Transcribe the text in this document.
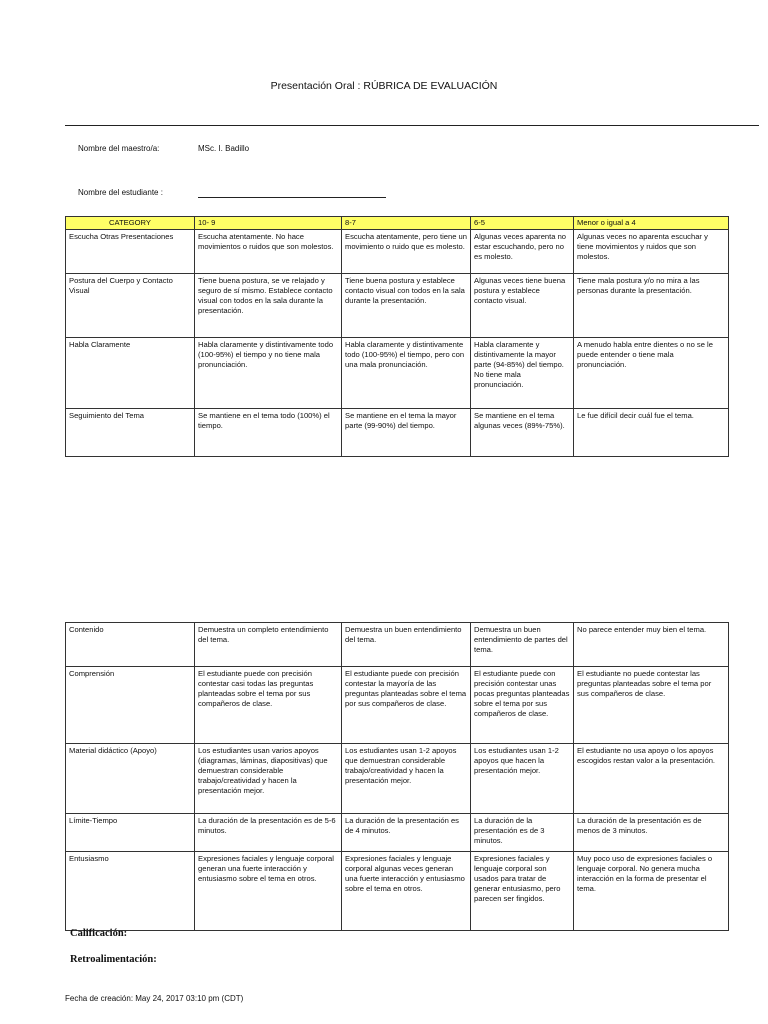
Presentación Oral : RÚBRICA DE EVALUACIÓN
Nombre del maestro/a:	MSc. I. Badillo
Nombre del estudiante :
CATEGORY	10- 9	8-7	6-5	Menor o igual a 4
Escucha Otras Presentaciones	Escucha atentamente. No hace movimientos o ruidos que son molestos.	Escucha atentamente, pero tiene un movimiento o ruido que es molesto.	Algunas veces aparenta no estar escuchando, pero no es molesto.	Algunas veces no aparenta escuchar y tiene movimientos y ruidos que son molestos.
Postura del Cuerpo y Contacto Visual	Tiene buena postura, se ve relajado y seguro de sí mismo. Establece contacto visual con todos en la sala durante la presentación.	Tiene buena postura y establece contacto visual con todos en la sala durante la presentación.	Algunas veces tiene buena postura y establece contacto visual.	Tiene mala postura y/o no mira a las personas durante la presentación.
Habla Claramente	Habla claramente y distintivamente todo (100-95%) el tiempo y no tiene mala pronunciación.	Habla claramente y distintivamente todo (100-95%) el tiempo, pero con una mala pronunciación.	Habla claramente y distintivamente la mayor parte (94-85%) del tiempo. No tiene mala pronunciación.	A menudo habla entre dientes o no se le puede entender o tiene mala pronunciación.
Seguimiento del Tema	Se mantiene en el tema todo (100%) el tiempo.	Se mantiene en el tema la mayor parte (99-90%) del tiempo.	Se mantiene en el tema algunas veces (89%-75%).	Le fue difícil decir cuál fue el tema.
Contenido	Demuestra un completo entendimiento del tema.	Demuestra un buen entendimiento del tema.	Demuestra un buen entendimiento de partes del tema.	No parece entender muy bien el tema.
Comprensión	El estudiante puede con precisión contestar casi todas las preguntas planteadas sobre el tema por sus compañeros de clase.	El estudiante puede con precisión contestar la mayoría de las preguntas planteadas sobre el tema por sus compañeros de clase.	El estudiante puede con precisión contestar unas pocas preguntas planteadas sobre el tema por sus compañeros de clase.	El estudiante no puede contestar las preguntas planteadas sobre el tema por sus compañeros de clase.
Material didáctico (Apoyo)	Los estudiantes usan varios apoyos (diagramas, láminas, diapositivas) que demuestran considerable trabajo/creatividad y hacen la presentación mejor.	Los estudiantes usan 1-2 apoyos que demuestran considerable trabajo/creatividad y hacen la presentación mejor.	Los estudiantes usan 1-2 apoyos que hacen la presentación mejor.	El estudiante no usa apoyo o los apoyos escogidos restan valor a la presentación.
Límite-Tiempo	La duración de la presentación es de 5-6 minutos.	La duración de la presentación es de 4 minutos.	La duración de la presentación es de 3 minutos.	La duración de la presentación es de menos de 3 minutos.
Entusiasmo	Expresiones faciales y lenguaje corporal generan una fuerte interacción y entusiasmo sobre el tema en otros.	Expresiones faciales y lenguaje corporal algunas veces generan una fuerte interacción y entusiasmo sobre el tema en otros.	Expresiones faciales y lenguaje corporal son usados para tratar de generar entusiasmo, pero parecen ser fingidos.	Muy poco uso de expresiones faciales o lenguaje corporal. No genera mucha interacción en la forma de presentar el tema.
Calificación:
Retroalimentación:
Fecha de creación: May 24, 2017 03:10 pm (CDT)
